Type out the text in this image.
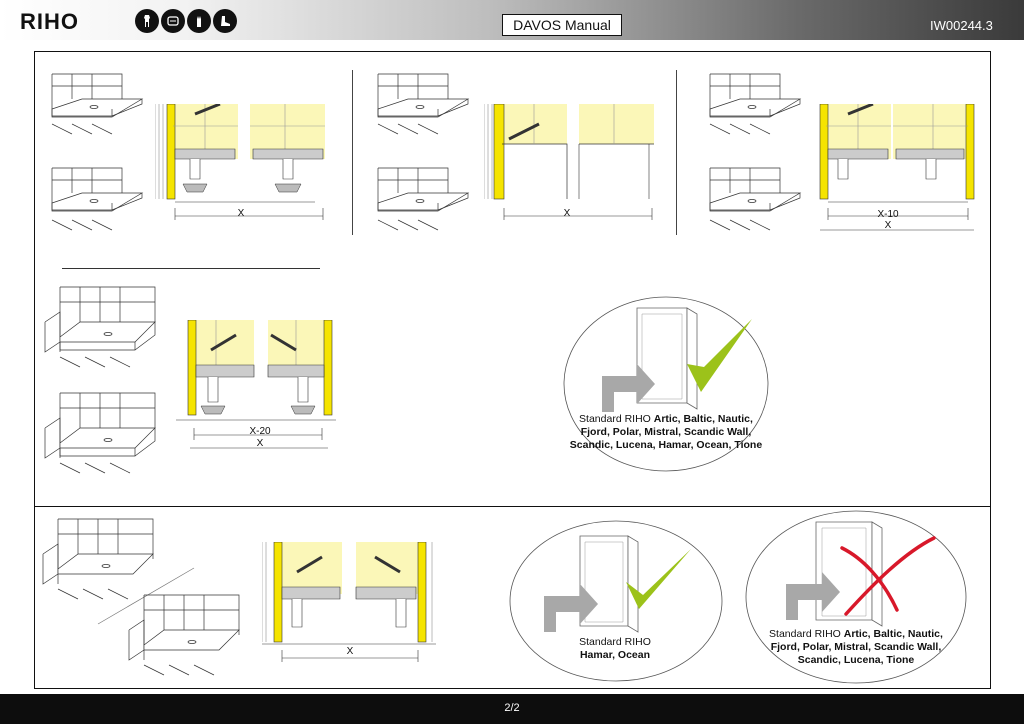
RIHO	DAVOS Manual	IW00244.3
X	X	X-10
X
X-20
X
Standard RIHO Artic, Baltic, Nautic, Fjord, Polar, Mistral, Scandic Wall, Scandic, Lucena, Hamar, Ocean, Tione
X
Standard RIHO
Hamar, Ocean
Standard RIHO Artic, Baltic, Nautic, Fjord, Polar, Mistral, Scandic Wall, Scandic, Lucena, Tione
2/2
